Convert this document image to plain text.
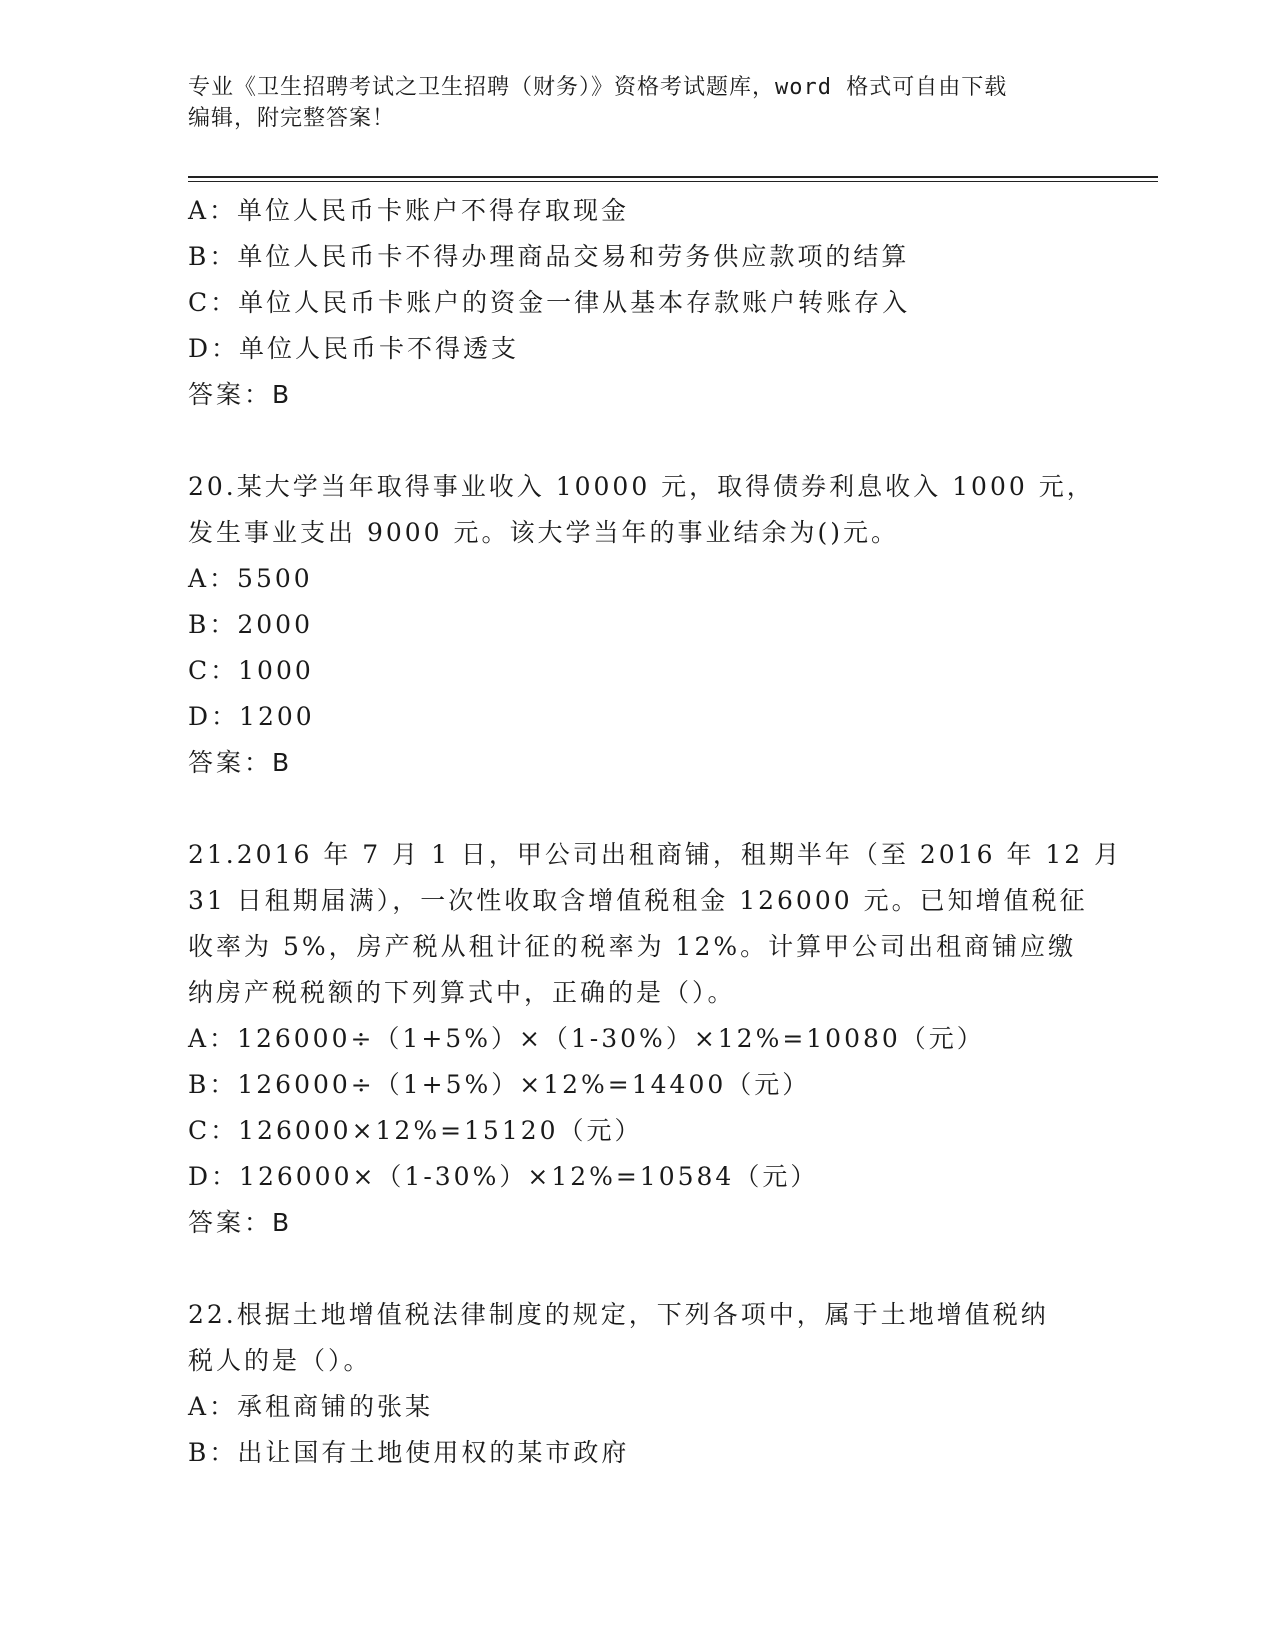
专业《卫生招聘考试之卫生招聘（财务）》资格考试题库，word 格式可自由下载
编辑，附完整答案！
A：单位人民币卡账户不得存取现金
B：单位人民币卡不得办理商品交易和劳务供应款项的结算
C：单位人民币卡账户的资金一律从基本存款账户转账存入
D：单位人民币卡不得透支
答案：B
20.某大学当年取得事业收入 10000 元，取得债券利息收入 1000 元，
发生事业支出 9000 元。该大学当年的事业结余为()元。
A：5500
B：2000
C：1000
D：1200
答案：B
21.2016 年 7 月 1 日，甲公司出租商铺，租期半年（至 2016 年 12 月
31 日租期届满），一次性收取含增值税租金 126000 元。已知增值税征
收率为 5%，房产税从租计征的税率为 12%。计算甲公司出租商铺应缴
纳房产税税额的下列算式中，正确的是（）。
A：126000÷（1+5%）×（1-30%）×12%=10080（元）
B：126000÷（1+5%）×12%=14400（元）
C：126000×12%=15120（元）
D：126000×（1-30%）×12%=10584（元）
答案：B
22.根据土地增值税法律制度的规定，下列各项中，属于土地增值税纳
税人的是（）。
A：承租商铺的张某
B：出让国有土地使用权的某市政府
